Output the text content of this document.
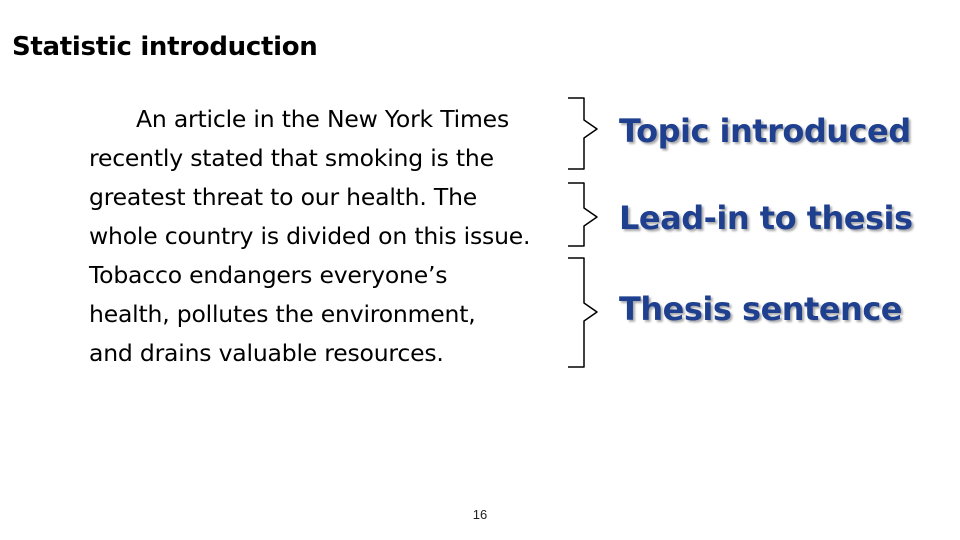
Statistic introduction
An article in the New York Times
recently stated that smoking is the
greatest threat to our health. The
whole country is divided on this issue.
Tobacco endangers everyone’s
health, pollutes the environment,
and drains valuable resources.
Topic introduced
Lead-in to thesis
Thesis sentence
16
